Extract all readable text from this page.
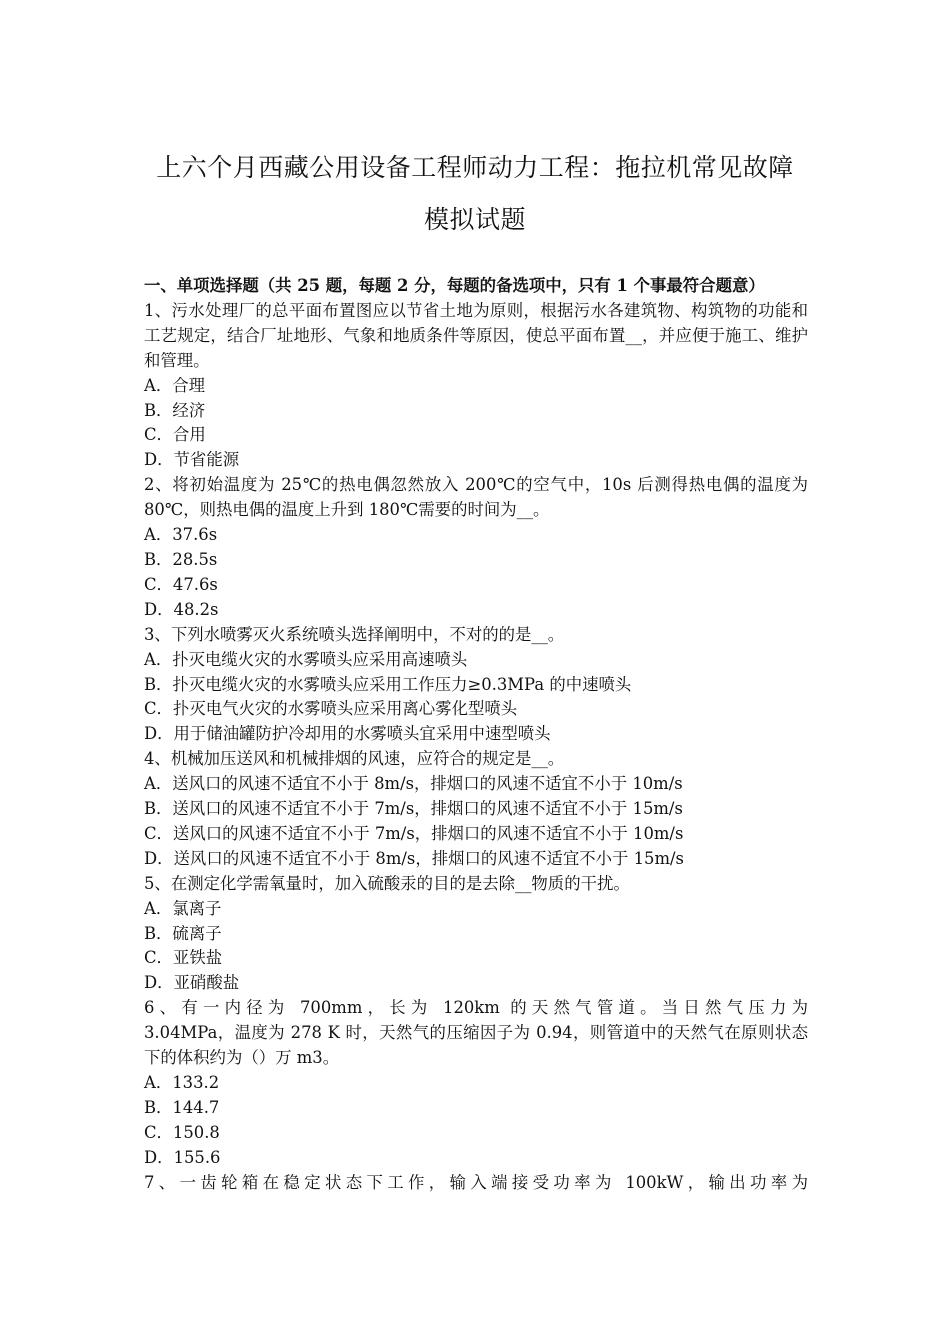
上六个月西藏公用设备工程师动力工程：拖拉机常见故障
模拟试题
一、单项选择题（共 25 题，每题 2 分，每题的备选项中，只有 1 个事最符合题意）
1、污水处理厂的总平面布置图应以节省土地为原则，根据污水各建筑物、构筑物的功能和工艺规定，结合厂址地形、气象和地质条件等原因，使总平面布置__，并应便于施工、维护和管理。
A．合理
B．经济
C．合用
D．节省能源
2、将初始温度为 25℃的热电偶忽然放入 200℃的空气中，10s 后测得热电偶的温度为 80℃，则热电偶的温度上升到 180℃需要的时间为__。
A．37.6s
B．28.5s
C．47.6s
D．48.2s
3、下列水喷雾灭火系统喷头选择阐明中，不对的的是__。
A．扑灭电缆火灾的水雾喷头应采用高速喷头
B．扑灭电缆火灾的水雾喷头应采用工作压力≥0.3MPa 的中速喷头
C．扑灭电气火灾的水雾喷头应采用离心雾化型喷头
D．用于储油罐防护冷却用的水雾喷头宜采用中速型喷头
4、机械加压送风和机械排烟的风速，应符合的规定是__。
A．送风口的风速不适宜不小于 8m/s，排烟口的风速不适宜不小于 10m/s
B．送风口的风速不适宜不小于 7m/s，排烟口的风速不适宜不小于 15m/s
C．送风口的风速不适宜不小于 7m/s，排烟口的风速不适宜不小于 10m/s
D．送风口的风速不适宜不小于 8m/s，排烟口的风速不适宜不小于 15m/s
5、在测定化学需氧量时，加入硫酸汞的目的是去除__物质的干扰。
A．氯离子
B．硫离子
C．亚铁盐
D．亚硝酸盐
6、有一内径为 700mm，长为 120km 的天然气管道。当日然气压力为
3.04MPa，温度为 278 K 时，天然气的压缩因子为 0.94，则管道中的天然气在原则状态下的体积约为（）万 m3。
A．133.2
B．144.7
C．150.8
D．155.6
7、一齿轮箱在稳定状态下工作，输入端接受功率为 100kW，输出功率为
